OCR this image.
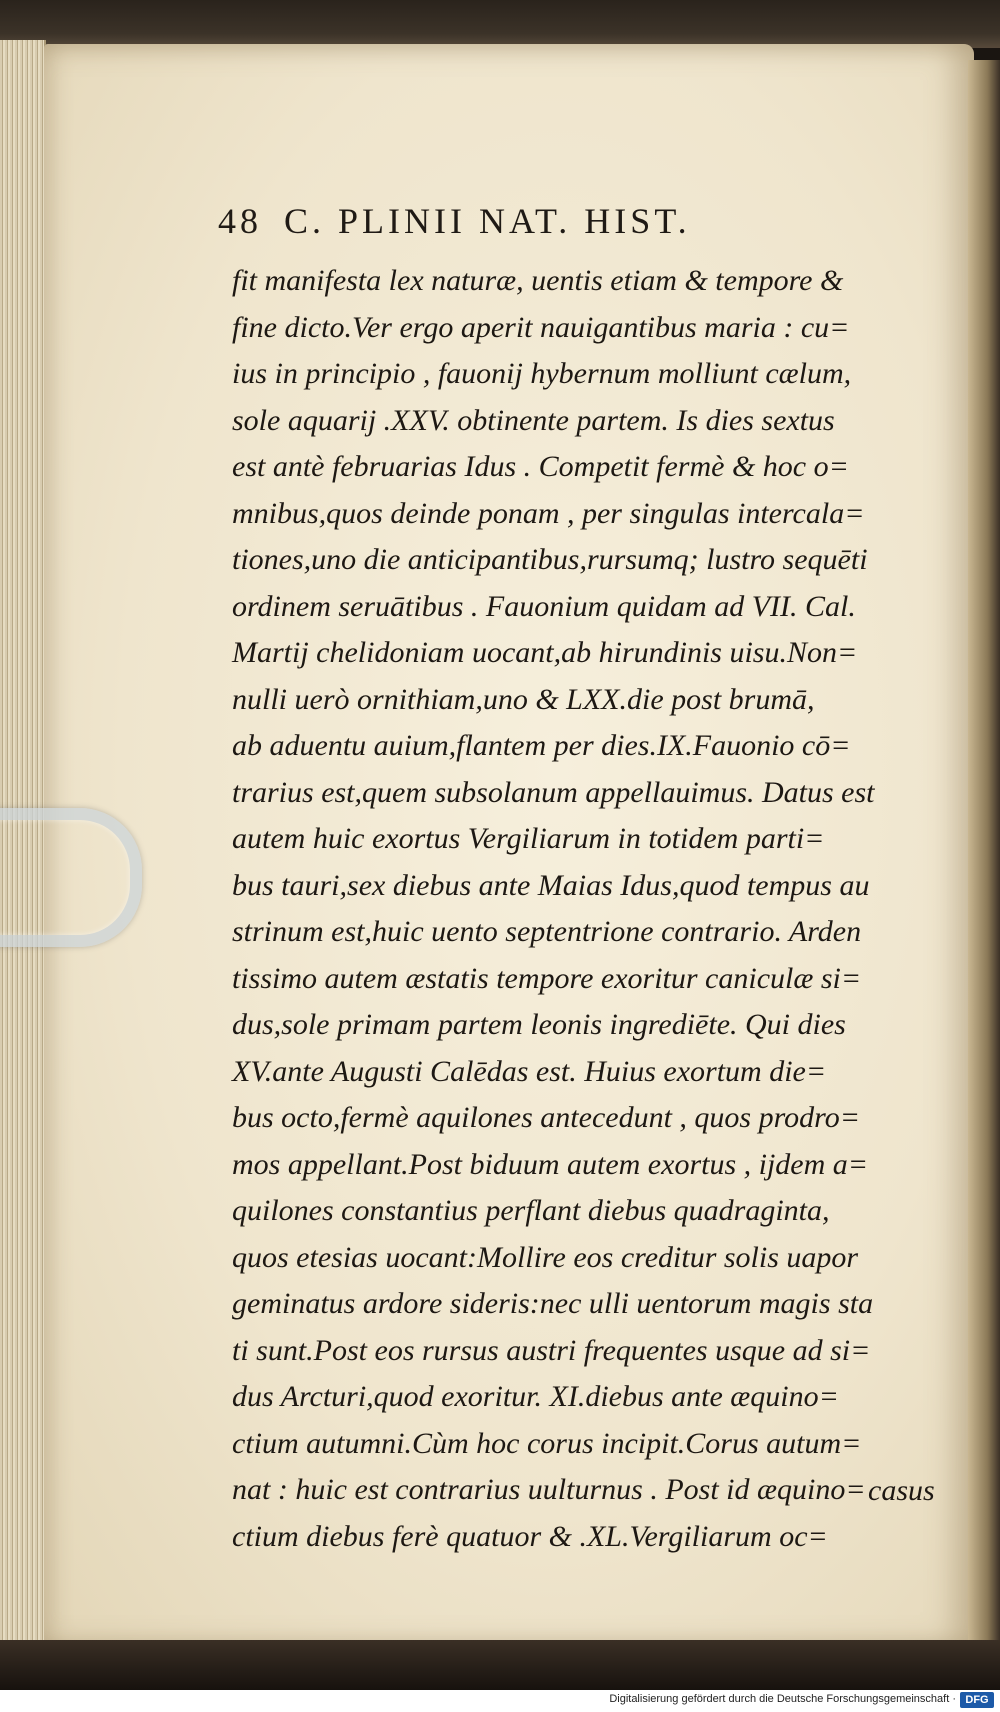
48 C. PLINII NAT. HIST.
fit manifesta lex naturæ, uentis etiam & tempore &
fine dicto.Ver ergo aperit nauigantibus maria : cu=
ius in principio , fauonij hybernum molliunt cælum,
sole aquarij .XXV. obtinente partem. Is dies sextus
est antè februarias Idus . Competit fermè & hoc o=
mnibus,quos deinde ponam , per singulas intercala=
tiones,uno die anticipantibus,rursumq; lustro sequēti
ordinem seruātibus . Fauonium quidam ad VII. Cal.
Martij chelidoniam uocant,ab hirundinis uisu.Non=
nulli uerò ornithiam,uno & LXX.die post brumā,
ab aduentu auium,flantem per dies.IX.Fauonio cō=
trarius est,quem subsolanum appellauimus. Datus est
autem huic exortus Vergiliarum in totidem parti=
bus tauri,sex diebus ante Maias Idus,quod tempus au
strinum est,huic uento septentrione contrario. Arden
tissimo autem æstatis tempore exoritur caniculæ si=
dus,sole primam partem leonis ingrediēte. Qui dies
XV.ante Augusti Calēdas est. Huius exortum die=
bus octo,fermè aquilones antecedunt , quos prodro=
mos appellant.Post biduum autem exortus , ijdem a=
quilones constantius perflant diebus quadraginta,
quos etesias uocant:Mollire eos creditur solis uapor
geminatus ardore sideris:nec ulli uentorum magis sta
ti sunt.Post eos rursus austri frequentes usque ad si=
dus Arcturi,quod exoritur. XI.diebus ante æquino=
ctium autumni.Cùm hoc corus incipit.Corus autum=
nat : huic est contrarius uulturnus . Post id æquino=
ctium diebus ferè quatuor & .XL.Vergiliarum oc=
casus
Digitalisierung gefördert durch die Deutsche Forschungsgemeinschaft · DFG
